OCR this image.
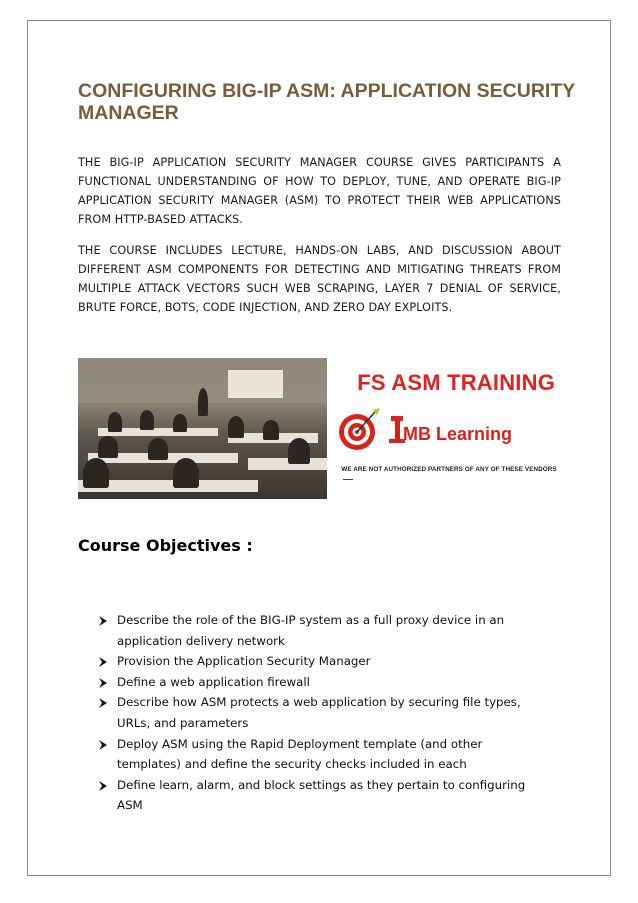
CONFIGURING BIG-IP ASM: APPLICATION SECURITY MANAGER

THE BIG-IP APPLICATION SECURITY MANAGER COURSE GIVES PARTICIPANTS A FUNCTIONAL UNDERSTANDING OF HOW TO DEPLOY, TUNE, AND OPERATE BIG-IP APPLICATION SECURITY MANAGER (ASM) TO PROTECT THEIR WEB APPLICATIONS FROM HTTP-BASED ATTACKS.

THE COURSE INCLUDES LECTURE, HANDS-ON LABS, AND DISCUSSION ABOUT DIFFERENT ASM COMPONENTS FOR DETECTING AND MITIGATING THREATS FROM MULTIPLE ATTACK VECTORS SUCH WEB SCRAPING, LAYER 7 DENIAL OF SERVICE, BRUTE FORCE, BOTS, CODE INJECTION, AND ZERO DAY EXPLOITS.

FS ASM TRAINING
MB Learning
WE ARE NOT AUTHORIZED PARTNERS OF ANY OF THESE VENDORS
Course Objectives :
Describe the role of the BIG-IP system as a full proxy device in an application delivery network
Provision the Application Security Manager
Define a web application firewall
Describe how ASM protects a web application by securing file types, URLs, and parameters
Deploy ASM using the Rapid Deployment template (and other templates) and define the security checks included in each
Define learn, alarm, and block settings as they pertain to configuring ASM
